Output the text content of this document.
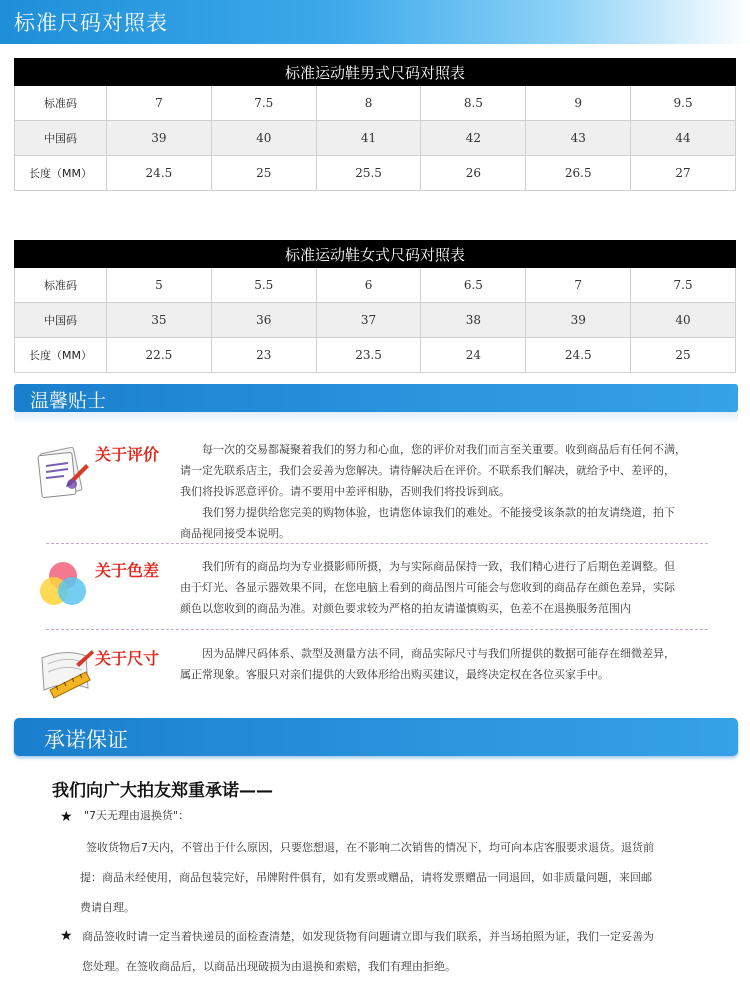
标准尺码对照表
标准运动鞋男式尺码对照表						
标准码	7	7.5	8	8.5	9	9.5
中国码	39	40	41	42	43	44
长度（MM）	24.5	25	25.5	26	26.5	27
标准运动鞋女式尺码对照表						
标准码	5	5.5	6	6.5	7	7.5
中国码	35	36	37	38	39	40
长度（MM）	22.5	23	23.5	24	24.5	25
温馨贴士
关于评价 　　每一次的交易都凝聚着我们的努力和心血，您的评价对我们而言至关重要。收到商品后有任何不满，
请一定先联系店主，我们会妥善为您解决。请待解决后在评价。不联系我们解决，就给予中、差评的，
我们将投诉恶意评价。请不要用中差评相胁，否则我们将投诉到底。
　　我们努力提供给您完美的购物体验，也请您体谅我们的难处。不能接受该条款的拍友请绕道，拍下
商品视同接受本说明。
关于色差 　　我们所有的商品均为专业摄影师所摄，为与实际商品保持一致，我们精心进行了后期色差调整。但
由于灯光、各显示器效果不同，在您电脑上看到的商品图片可能会与您收到的商品存在颜色差异，实际
颜色以您收到的商品为准。对颜色要求较为严格的拍友请谨慎购买，色差不在退换服务范围内
关于尺寸 　　因为品牌尺码体系、款型及测量方法不同，商品实际尺寸与我们所提供的数据可能存在细微差异，
属正常现象。客服只对亲们提供的大致体形给出购买建议，最终决定权在各位买家手中。
承诺保证
我们向广大拍友郑重承诺——
★ "7天无理由退换货"：
签收货物后7天内，不管出于什么原因，只要您想退，在不影响二次销售的情况下，均可向本店客服要求退货。退货前
提：商品未经使用，商品包装完好，吊牌附件俱有，如有发票或赠品，请将发票赠品一同退回，如非质量问题，来回邮
费请自理。
★ 商品签收时请一定当着快递员的面检查清楚，如发现货物有问题请立即与我们联系，并当场拍照为证，我们一定妥善为
您处理。在签收商品后，以商品出现破损为由退换和索赔，我们有理由拒绝。
